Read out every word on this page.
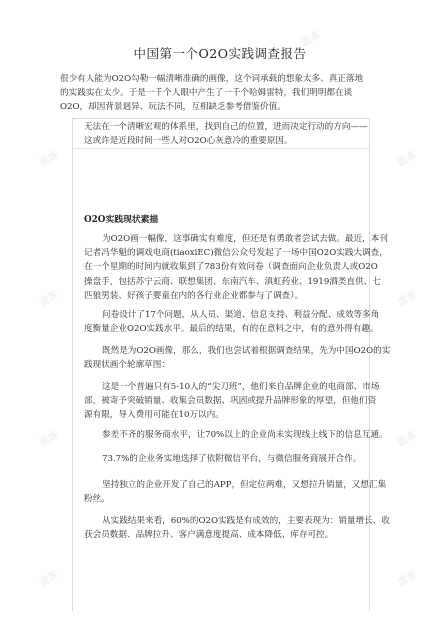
中国第一个O2O实践调查报告
很少有人能为O2O勾勒一幅清晰准确的画像，这个词承载的想象太多、真正落地
的实践实在太少。于是一千个人眼中产生了一千个哈姆雷特，我们明明都在谈
O2O，却因背景迥异、玩法不同，互相缺乏参考借鉴价值。
无法在一个清晰宏观的体系里，找到自己的位置，进而决定行动的方向——
这或许是近段时间一些人对O2O心灰意冷的重要原因。
O2O实践现状素描
为O2O画一幅像，这事确实有难度，但还是有勇敢者尝试去做。最近，本刊
记者冯华魁的调戏电商(tiaoxiEC)微信公众号发起了一场中国O2O实践大调查，
在一个星期的时间内就收集到了783份有效问卷（调查面向企业负责人或O2O
操盘手，包括苏宁云商、联想集团、东南汽车、滇虹药业、1919酒类直供、七
匹狼男装、好孩子婴童在内的各行业企业都参与了调查）。
问卷设计了17个问题，从人员、渠道、信息支持、利益分配、成效等多角
度衡量企业O2O实践水平。最后的结果，有的在意料之中，有的意外得有趣。
既然是为O2O画像，那么，我们也尝试着根据调查结果，先为中国O2O的实
践现状画个轮廓草图：
这是一个普遍只有5-10人的“尖刀班”，他们来自品牌企业的电商部、市场
部，被寄予突破销量、收集会员数据、巩固或提升品牌形象的厚望，但他们资
源有限，导入费用可能在10万以内。
参差不齐的服务商水平，让70%以上的企业尚未实现线上线下的信息互通。
73.7%的企业务实地选择了依附微信平台，与微信服务商展开合作。
坚持独立的企业开发了自己的APP，但定位两难，又想拉升销量，又想汇集
粉丝。
从实践结果来看，60%的O2O实践是有成效的，主要表现为：销量增长、收
获会员数据、品牌拉升、客户满意度提高、成本降低、库存可控。
道客
道客	道客
道客	道客
道客	道客
道客	道客
